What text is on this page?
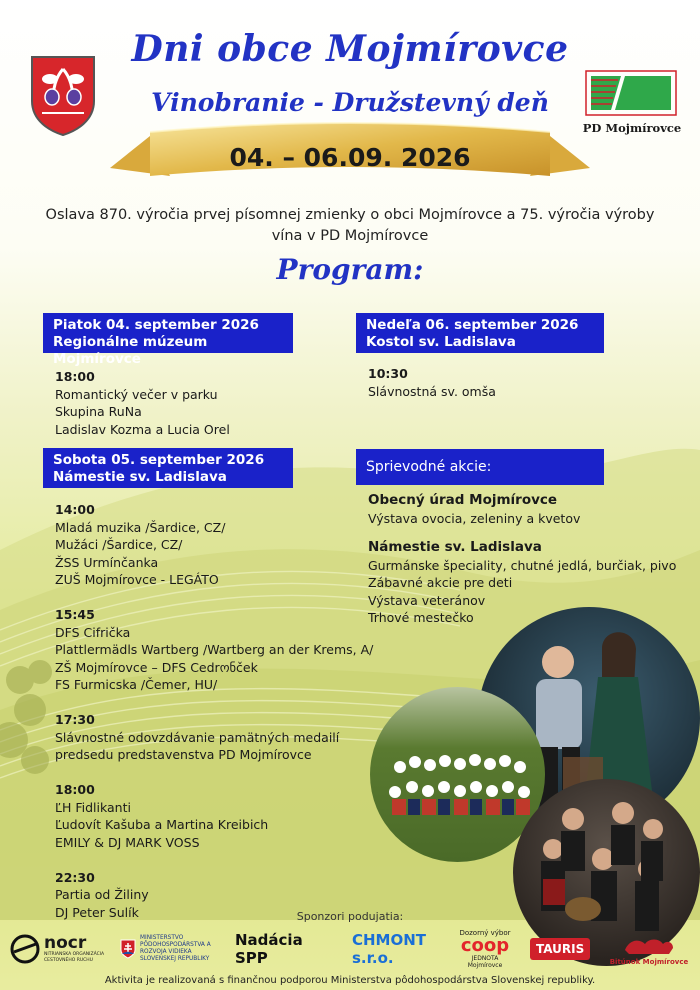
PD Mojmírovce
Dni obce Mojmírovce
Vinobranie - Družstevný deň
04. – 06.09. 2026
Oslava 870. výročia prvej písomnej zmienky o obci Mojmírovce a 75. výročia výroby vína v PD Mojmírovce
Program:
Piatok 04. september 2026
Regionálne múzeum Mojmírovce
18:00
Romantický večer v parku
Skupina RuNa
Ladislav Kozma a Lucia Orel
Nedeľa 06. september 2026
Kostol sv. Ladislava
10:30
Slávnostná sv. omša
Sobota 05. september 2026
Námestie sv. Ladislava
14:00
Mladá muzika /Šardice, CZ/
Mužáci /Šardice, CZ/
ŽSS Urmínčanka
ZUŠ Mojmírovce - LEGÁTO
15:45
DFS Cifrička
Plattlermädls Wartberg /Wartberg an der Krems, A/
ZŠ Mojmírovce – DFS Cedrონček
FS Furmicska /Čemer, HU/
17:30
Slávnostné odovzdávanie pamätných medailí
predsedu predstavenstva PD Mojmírovce
18:00
ĽH Fidlikanti
Ľudovít Kašuba a Martina Kreibich
EMILY & DJ MARK VOSS
22:30
Partia od Žiliny
DJ Peter Sulík
Sprievodné akcie:
Obecný úrad Mojmírovce
Výstava ovocia, zeleniny a kvetov
Námestie sv. Ladislava
Gurmánske špeciality, chutné jedlá, burčiak, pivo
Zábavné akcie pre deti
Výstava veteránov
Trhové mestečko
Sponzori podujatia:
nocr
NITRIANSKA ORGANIZÁCIA CESTOVNÉHO RUCHU
MINISTERSTVO PÔDOHOSPODÁRSTVA A ROZVOJA VIDIEKA SLOVENSKEJ REPUBLIKY
Nadácia SPP
CHMONT s.r.o.
Dozorný výbor
coop
JEDNOTA Mojmírovce
TAURIS
Bitúnok Mojmírovce
Aktivita je realizovaná s finančnou podporou Ministerstva pôdohospodárstva Slovenskej republiky.
